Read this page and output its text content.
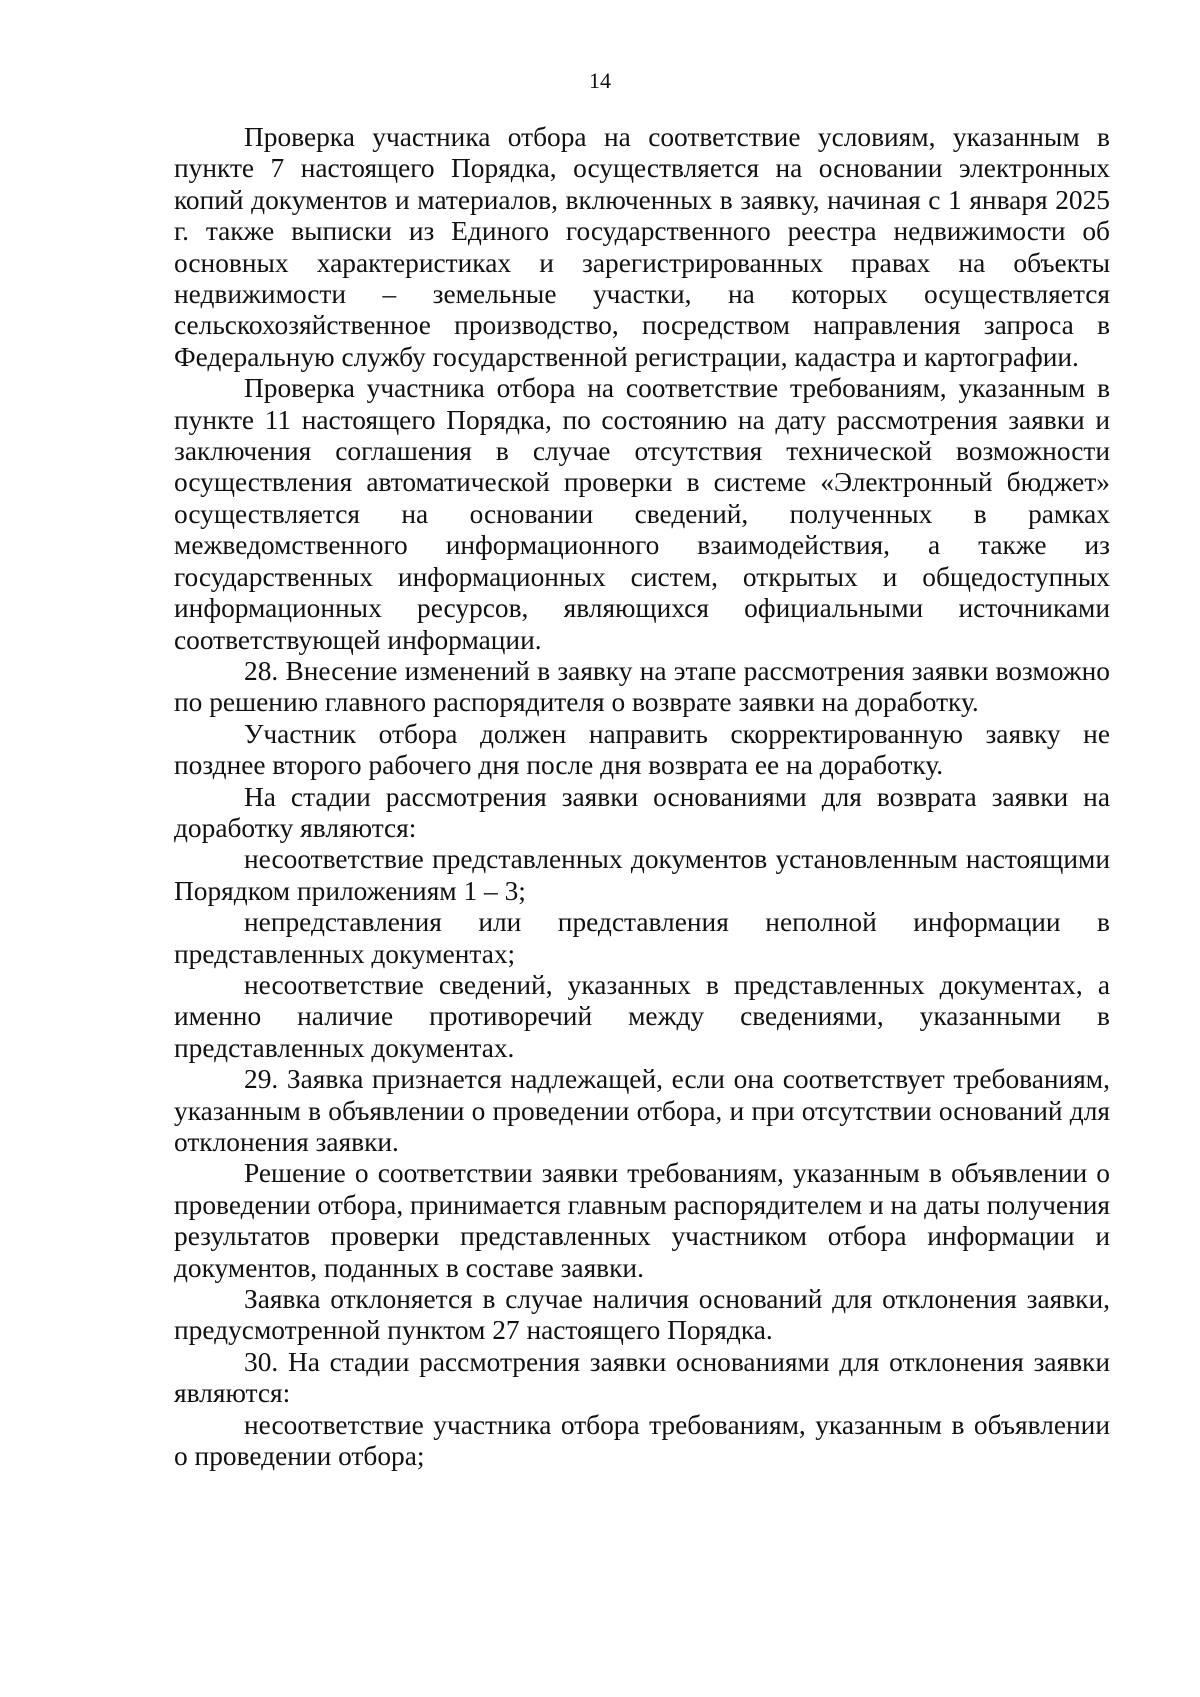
14

Проверка участника отбора на соответствие условиям, указанным в пункте 7 настоящего Порядка, осуществляется на основании электронных копий документов и материалов, включенных в заявку, начиная с 1 января 2025 г. также выписки из Единого государственного реестра недвижимости об основных характеристиках и зарегистрированных правах на объекты недвижимости – земельные участки, на которых осуществляется сельскохозяйственное производство, посредством направления запроса в Федеральную службу государственной регистрации, кадастра и картографии.

Проверка участника отбора на соответствие требованиям, указанным в пункте 11 настоящего Порядка, по состоянию на дату рассмотрения заявки и заключения соглашения в случае отсутствия технической возможности осуществления автоматической проверки в системе «Электронный бюджет» осуществляется на основании сведений, полученных в рамках межведомственного информационного взаимодействия, а также из государственных информационных систем, открытых и общедоступных информационных ресурсов, являющихся официальными источниками соответствующей информации.

28. Внесение изменений в заявку на этапе рассмотрения заявки возможно по решению главного распорядителя о возврате заявки на доработку.

Участник отбора должен направить скорректированную заявку не позднее второго рабочего дня после дня возврата ее на доработку.

На стадии рассмотрения заявки основаниями для возврата заявки на доработку являются:

несоответствие представленных документов установленным настоящими Порядком приложениям 1 – 3;

непредставления или представления неполной информации в представленных документах;

несоответствие сведений, указанных в представленных документах, а именно наличие противоречий между сведениями, указанными в представленных документах.

29. Заявка признается надлежащей, если она соответствует требованиям, указанным в объявлении о проведении отбора, и при отсутствии оснований для отклонения заявки.

Решение о соответствии заявки требованиям, указанным в объявлении о проведении отбора, принимается главным распорядителем и на даты получения результатов проверки представленных участником отбора информации и документов, поданных в составе заявки.

Заявка отклоняется в случае наличия оснований для отклонения заявки, предусмотренной пунктом 27 настоящего Порядка.

30. На стадии рассмотрения заявки основаниями для отклонения заявки являются:

несоответствие участника отбора требованиям, указанным в объявлении о проведении отбора;
